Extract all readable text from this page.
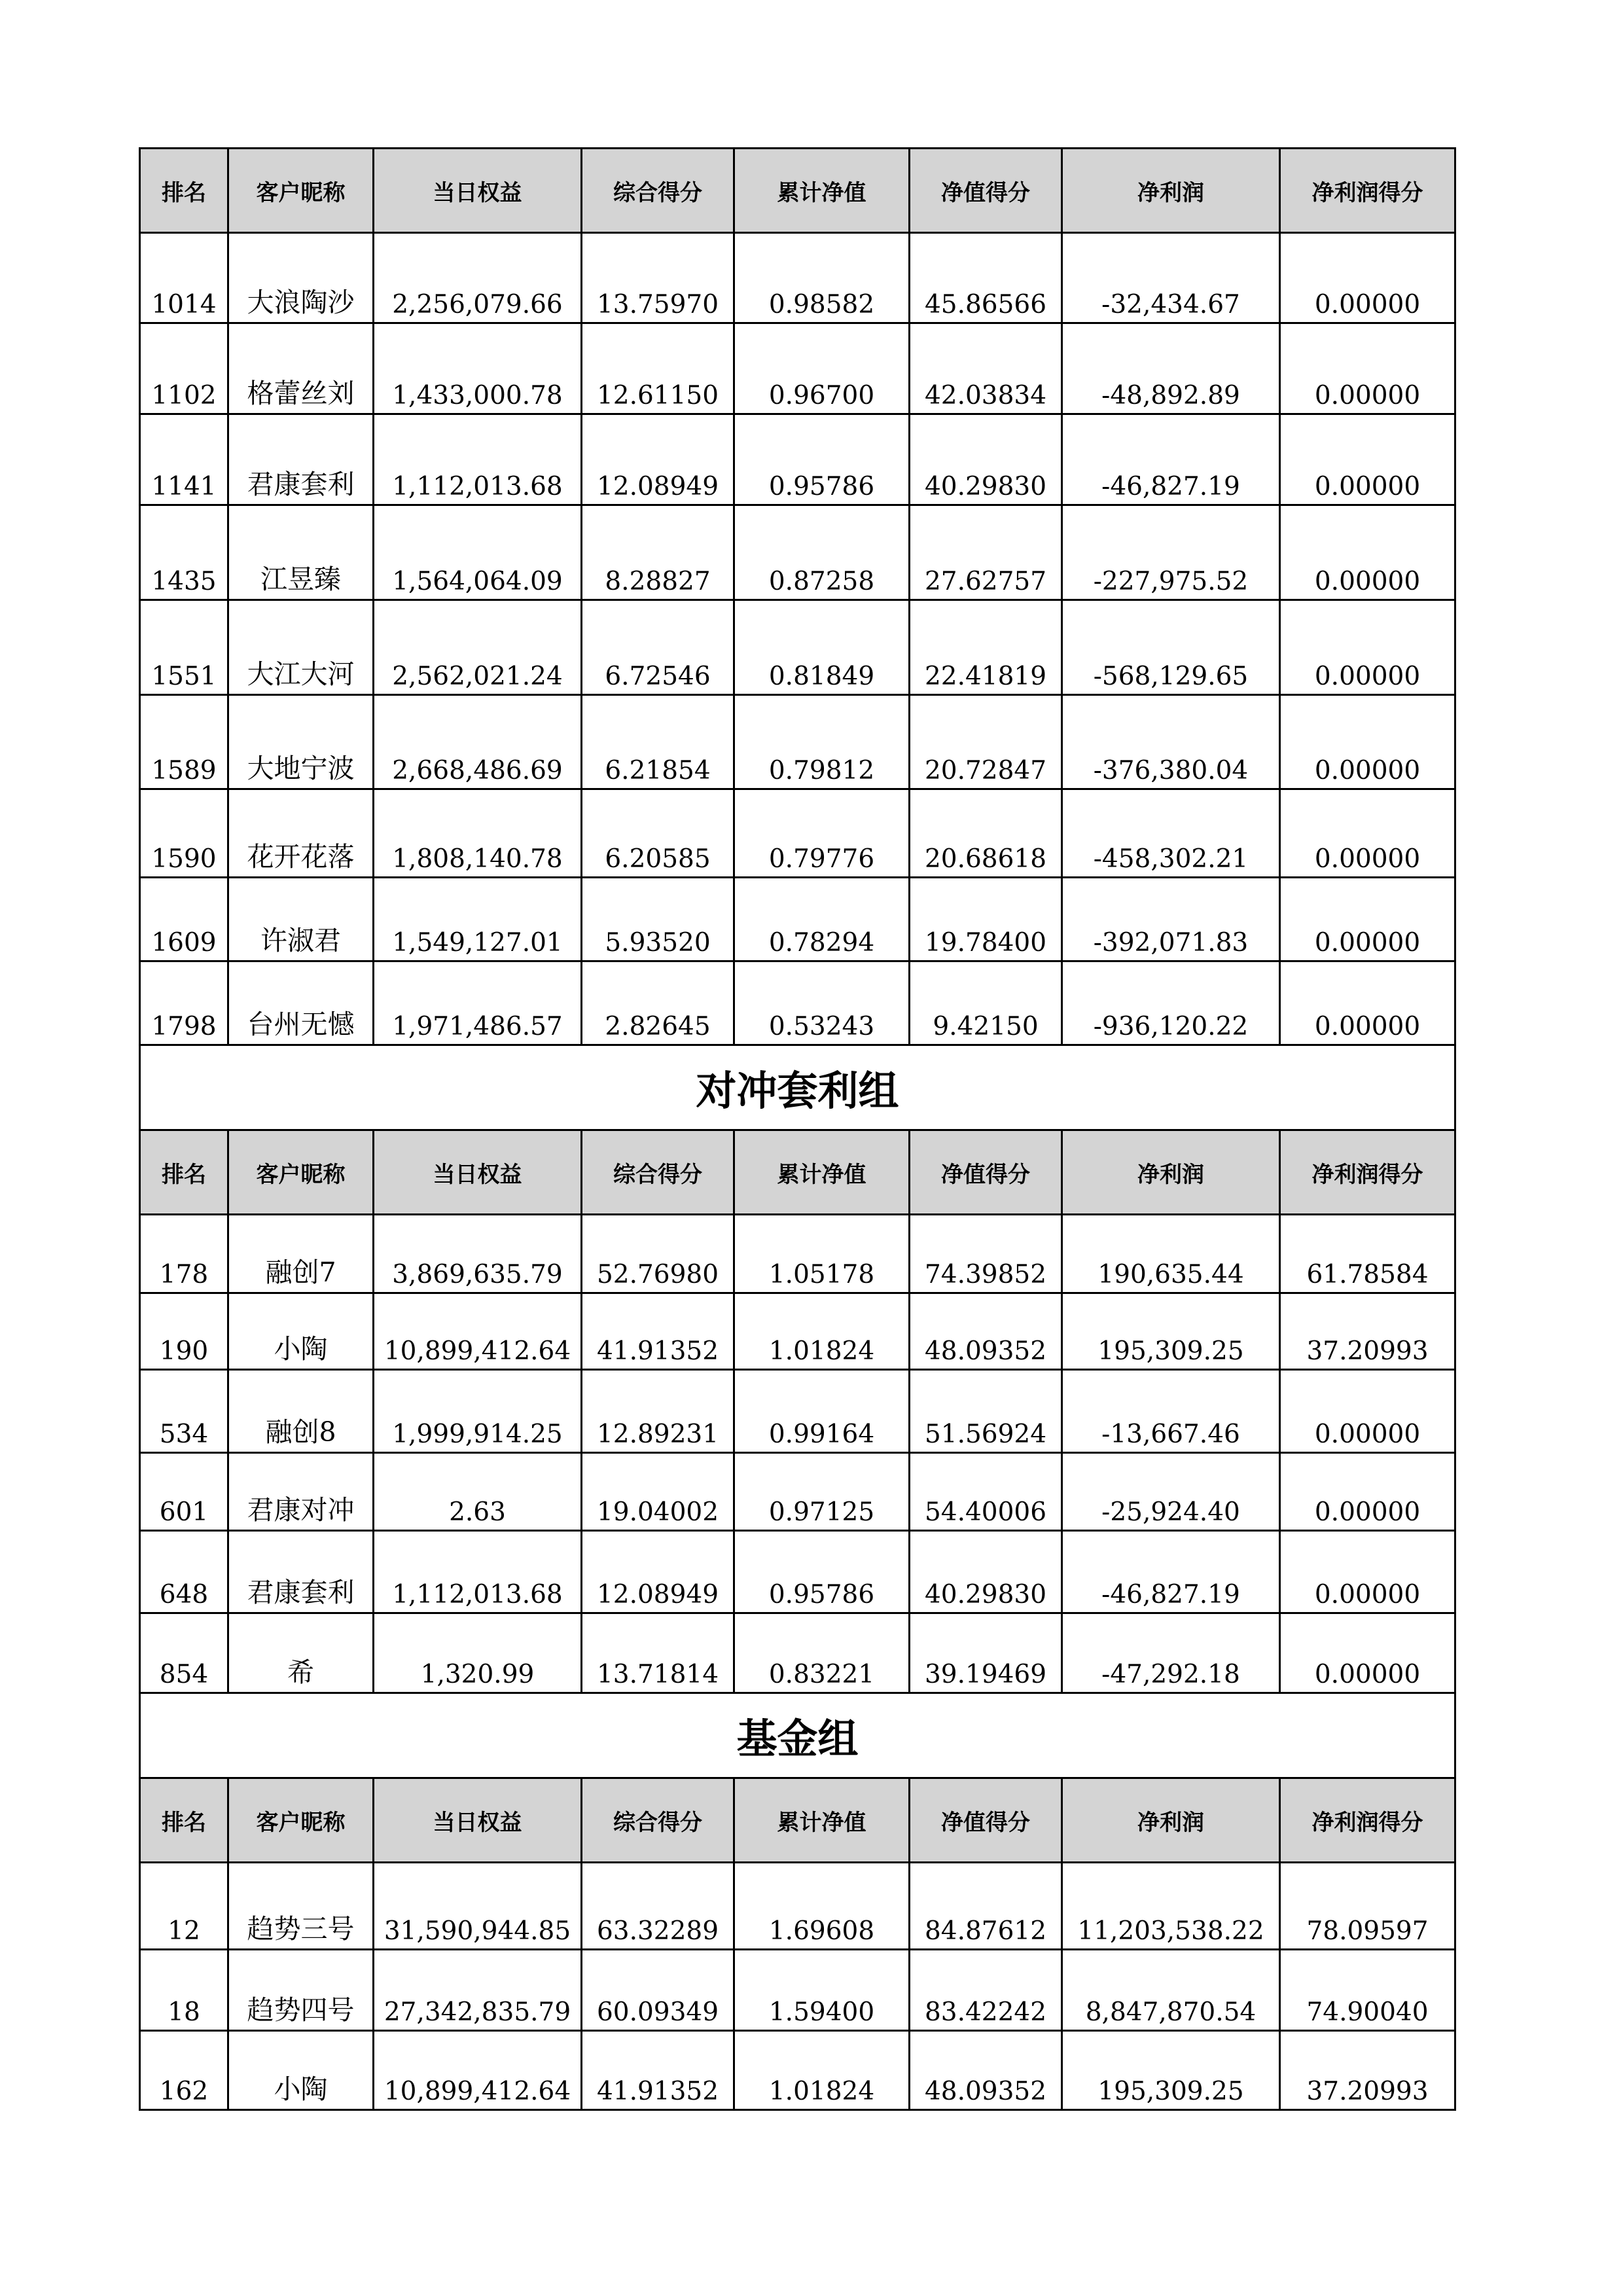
排名	客户昵称	当日权益	综合得分	累计净值	净值得分	净利润	净利润得分
1014	大浪陶沙	2,256,079.66	13.75970	0.98582	45.86566	-32,434.67	0.00000
1102	格蕾丝刘	1,433,000.78	12.61150	0.96700	42.03834	-48,892.89	0.00000
1141	君康套利	1,112,013.68	12.08949	0.95786	40.29830	-46,827.19	0.00000
1435	江昱臻	1,564,064.09	8.28827	0.87258	27.62757	-227,975.52	0.00000
1551	大江大河	2,562,021.24	6.72546	0.81849	22.41819	-568,129.65	0.00000
1589	大地宁波	2,668,486.69	6.21854	0.79812	20.72847	-376,380.04	0.00000
1590	花开花落	1,808,140.78	6.20585	0.79776	20.68618	-458,302.21	0.00000
1609	许淑君	1,549,127.01	5.93520	0.78294	19.78400	-392,071.83	0.00000
1798	台州无憾	1,971,486.57	2.82645	0.53243	9.42150	-936,120.22	0.00000
对冲套利组							
排名	客户昵称	当日权益	综合得分	累计净值	净值得分	净利润	净利润得分
178	融创7	3,869,635.79	52.76980	1.05178	74.39852	190,635.44	61.78584
190	小陶	10,899,412.64	41.91352	1.01824	48.09352	195,309.25	37.20993
534	融创8	1,999,914.25	12.89231	0.99164	51.56924	-13,667.46	0.00000
601	君康对冲	2.63	19.04002	0.97125	54.40006	-25,924.40	0.00000
648	君康套利	1,112,013.68	12.08949	0.95786	40.29830	-46,827.19	0.00000
854	希	1,320.99	13.71814	0.83221	39.19469	-47,292.18	0.00000
基金组							
排名	客户昵称	当日权益	综合得分	累计净值	净值得分	净利润	净利润得分
12	趋势三号	31,590,944.85	63.32289	1.69608	84.87612	11,203,538.22	78.09597
18	趋势四号	27,342,835.79	60.09349	1.59400	83.42242	8,847,870.54	74.90040
162	小陶	10,899,412.64	41.91352	1.01824	48.09352	195,309.25	37.20993
